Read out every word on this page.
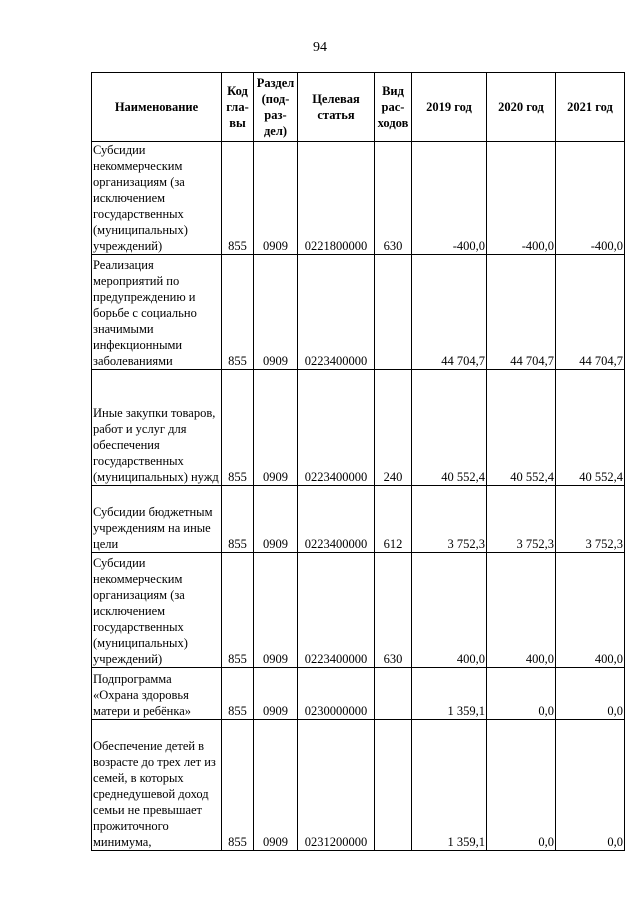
94
Наименование	Код гла- вы	Раздел (под- раз- дел)	Целевая статья	Вид рас- ходов	2019 год	2020 год	2021 год
Субсидии некоммерческим организациям (за исключением государственных (муниципальных) учреждений)	855	0909	0221800000	630	-400,0	-400,0	-400,0
Реализация мероприятий по предупреждению и борьбе с социально значимыми инфекционными заболеваниями	855	0909	0223400000		44 704,7	44 704,7	44 704,7
Иные закупки товаров, работ и услуг для обеспечения государственных (муниципальных) нужд	855	0909	0223400000	240	40 552,4	40 552,4	40 552,4
Субсидии бюджетным учреждениям на иные цели	855	0909	0223400000	612	3 752,3	3 752,3	3 752,3
Субсидии некоммерческим организациям (за исключением государственных (муниципальных) учреждений)	855	0909	0223400000	630	400,0	400,0	400,0
Подпрограмма «Охрана здоровья матери и ребёнка»	855	0909	0230000000		1 359,1	0,0	0,0
Обеспечение детей в возрасте до трех лет из семей, в которых среднедушевой доход семьи не превышает прожиточного минимума,	855	0909	0231200000		1 359,1	0,0	0,0
